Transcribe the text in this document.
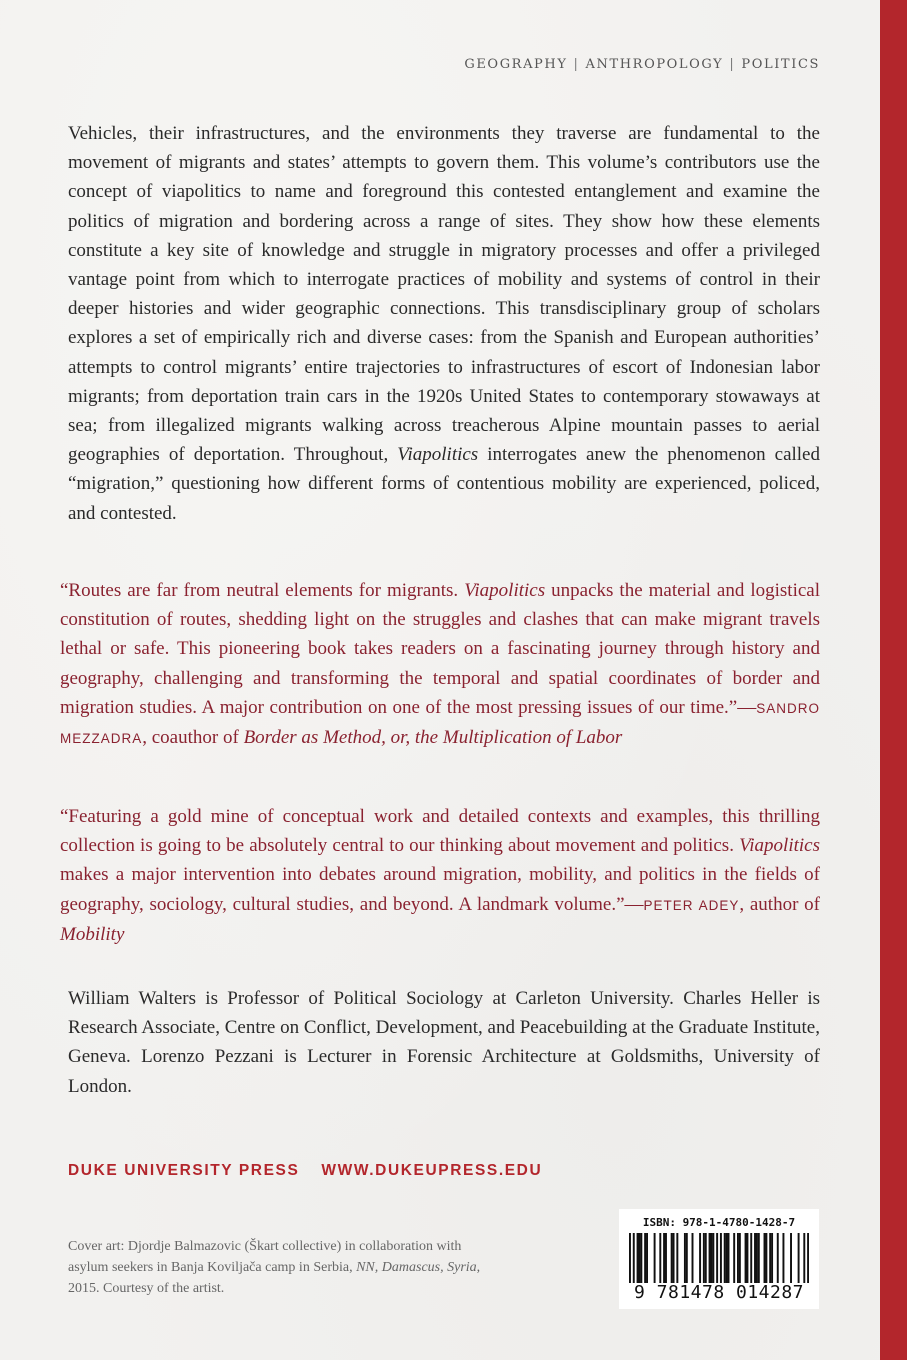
GEOGRAPHY | ANTHROPOLOGY | POLITICS

Vehicles, their infrastructures, and the environments they traverse are fundamental to the movement of migrants and states’ attempts to govern them. This volume’s contributors use the concept of viapolitics to name and foreground this contested entanglement and examine the politics of migration and bordering across a range of sites. They show how these elements constitute a key site of knowledge and struggle in migratory processes and offer a privileged vantage point from which to interrogate practices of mobility and systems of control in their deeper histories and wider geographic connections. This transdisciplinary group of scholars explores a set of empirically rich and diverse cases: from the Spanish and European authorities’ attempts to control migrants’ entire trajectories to infrastructures of escort of Indonesian labor migrants; from deportation train cars in the 1920s United States to contemporary stowaways at sea; from illegalized migrants walking across treacherous Alpine mountain passes to aerial geographies of deportation. Throughout, Viapolitics interrogates anew the phenomenon called “migration,” questioning how different forms of contentious mobility are experienced, policed, and contested.

“Routes are far from neutral elements for migrants. Viapolitics unpacks the material and logistical constitution of routes, shedding light on the struggles and clashes that can make migrant travels lethal or safe. This pioneering book takes readers on a fascinating journey through history and geography, challenging and transforming the temporal and spatial coordinates of border and migration studies. A major contribution on one of the most pressing issues of our time.”—SANDRO MEZZADRA, coauthor of Border as Method, or, the Multiplication of Labor

“Featuring a gold mine of conceptual work and detailed contexts and examples, this thrilling collection is going to be absolutely central to our thinking about movement and politics. Viapolitics makes a major intervention into debates around migration, mobility, and politics in the fields of geography, sociology, cultural studies, and beyond. A landmark volume.”—PETER ADEY, author of Mobility

William Walters is Professor of Political Sociology at Carleton University. Charles Heller is Research Associate, Centre on Conflict, Development, and Peacebuilding at the Graduate Institute, Geneva. Lorenzo Pezzani is Lecturer in Forensic Architecture at Goldsmiths, University of London.

DUKE UNIVERSITY PRESS WWW.DUKEUPRESS.EDU

Cover art: Djordje Balmazovic (Škart collective) in collaboration with asylum seekers in Banja Koviljača camp in Serbia, NN, Damascus, Syria, 2015. Courtesy of the artist.

ISBN: 978-1-4780-1428-7
9 781478 014287
